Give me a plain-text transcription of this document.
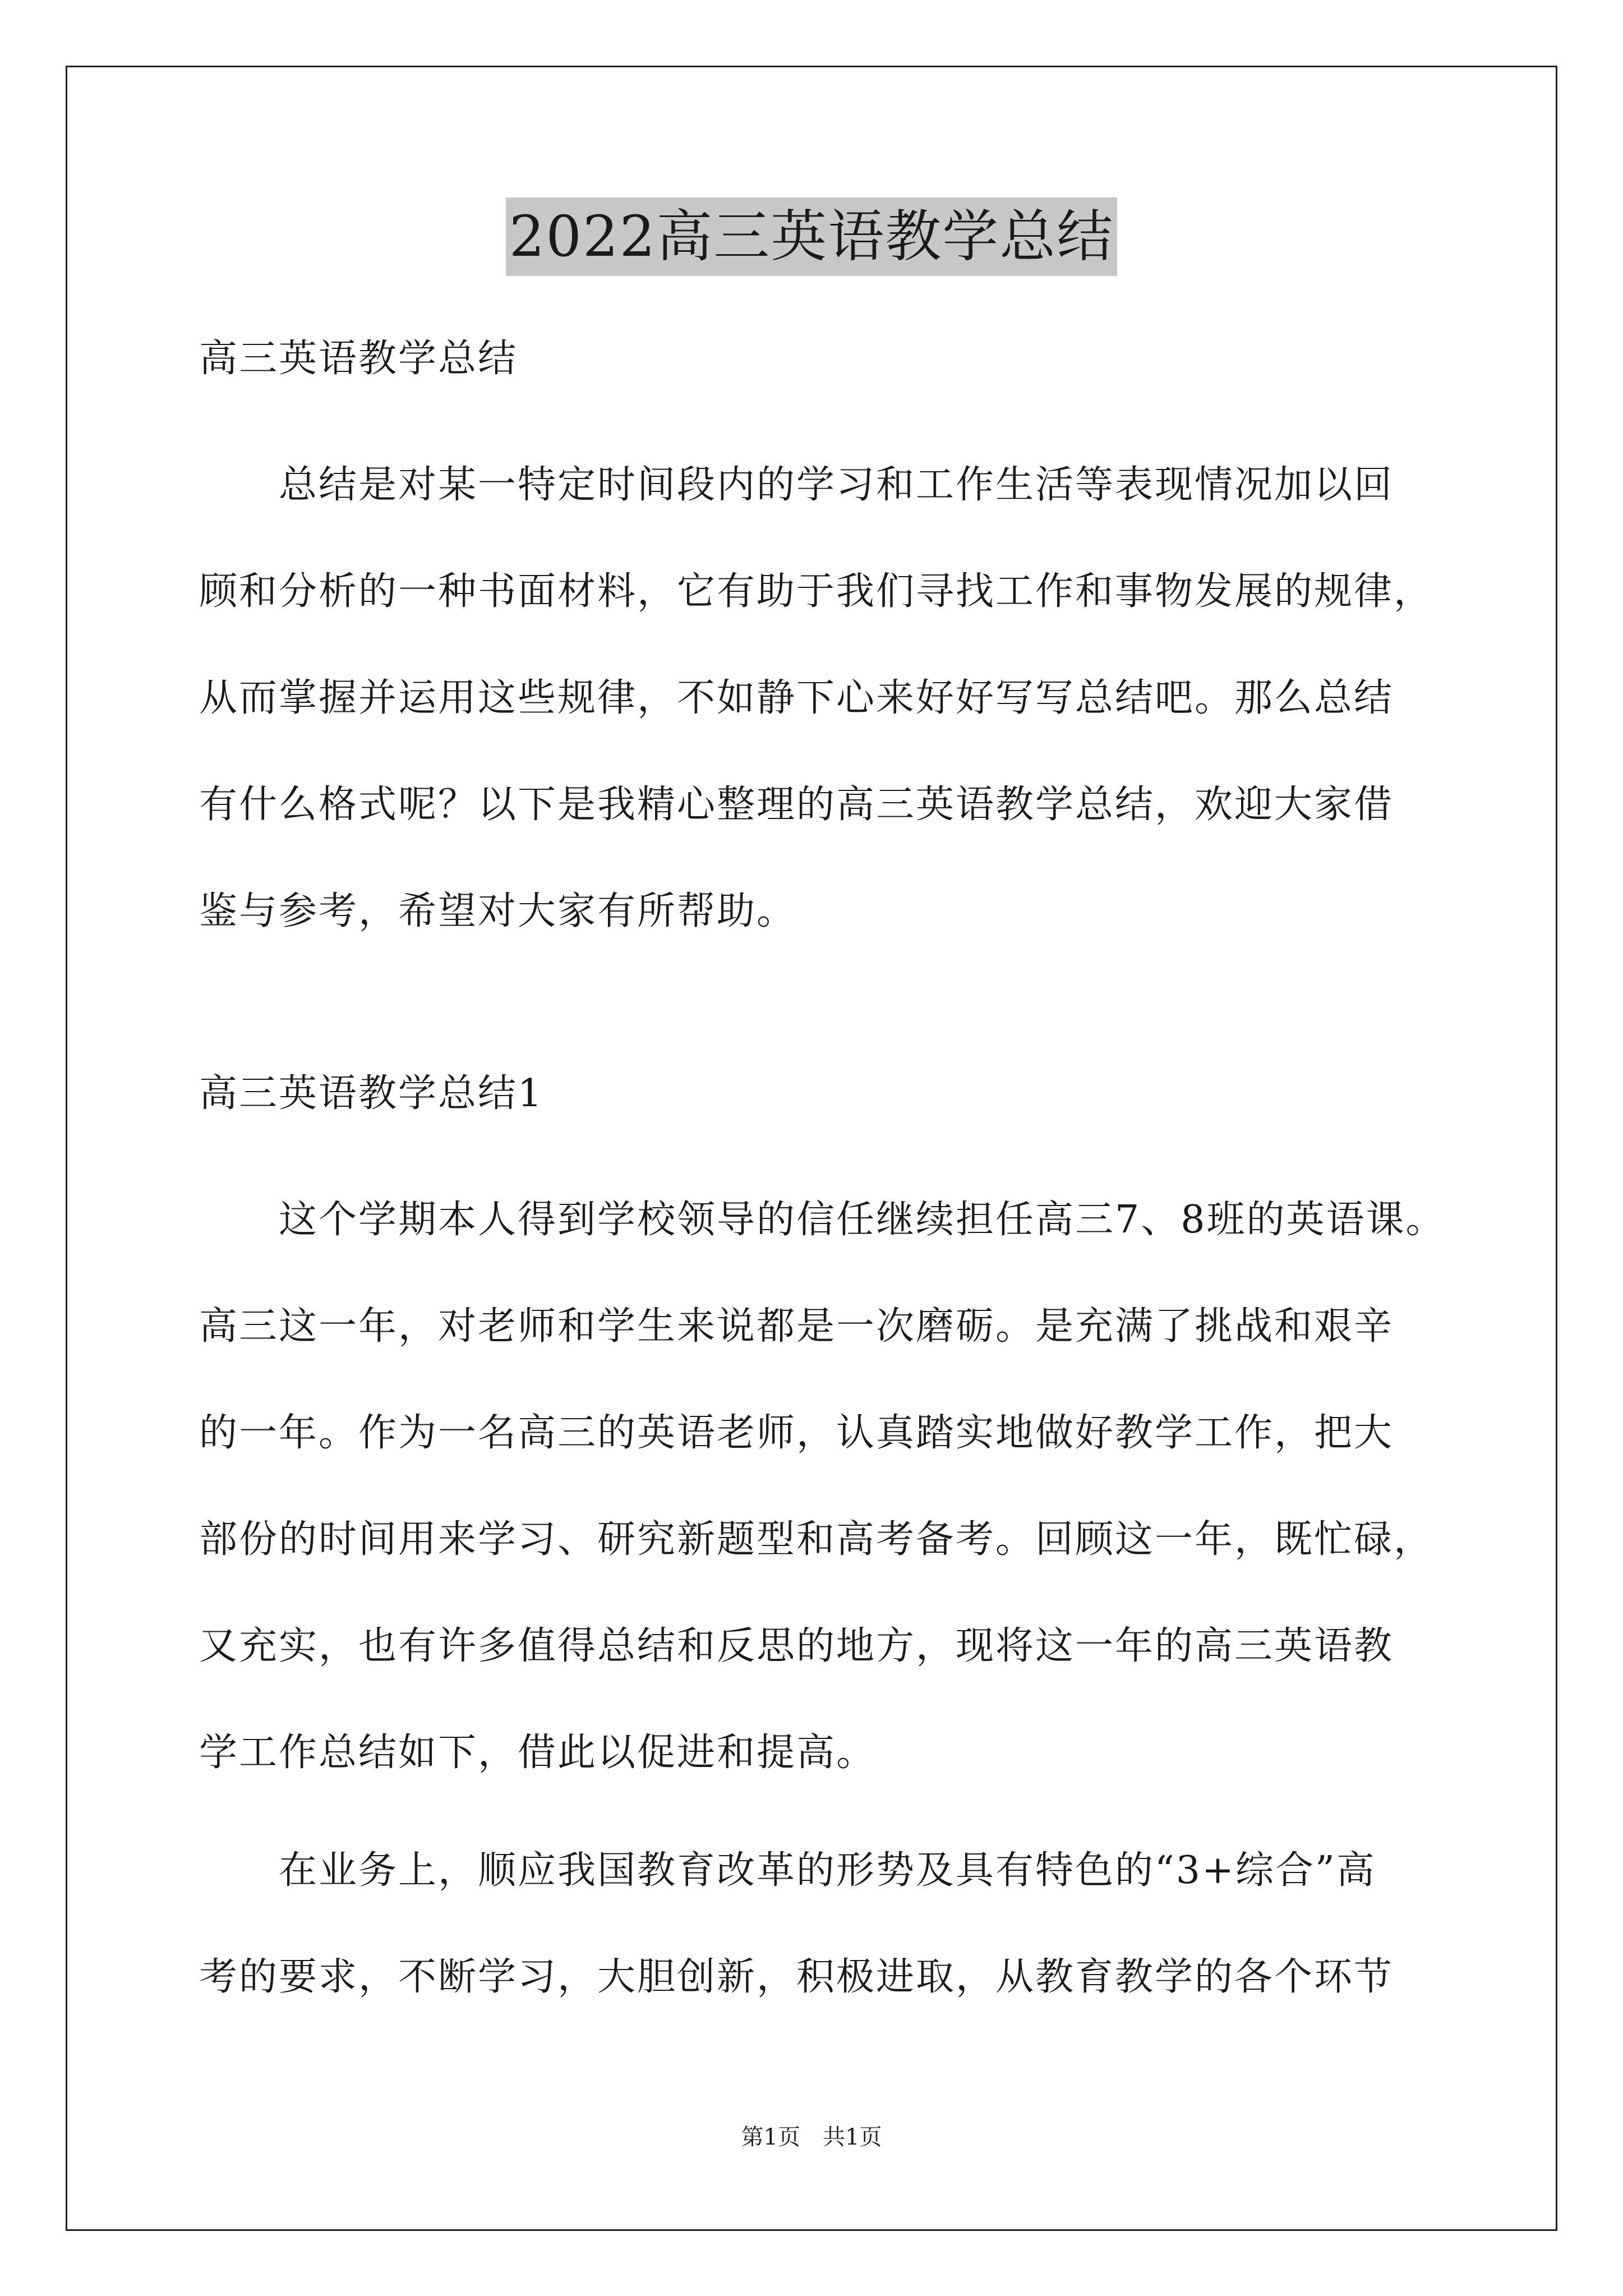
2022高三英语教学总结
高三英语教学总结
　　总结是对某一特定时间段内的学习和工作生活等表现情况加以回
顾和分析的一种书面材料，它有助于我们寻找工作和事物发展的规律，
从而掌握并运用这些规律，不如静下心来好好写写总结吧。那么总结
有什么格式呢？以下是我精心整理的高三英语教学总结，欢迎大家借
鉴与参考，希望对大家有所帮助。
高三英语教学总结1
　　这个学期本人得到学校领导的信任继续担任高三7、8班的英语课。
高三这一年，对老师和学生来说都是一次磨砺。是充满了挑战和艰辛
的一年。作为一名高三的英语老师，认真踏实地做好教学工作，把大
部份的时间用来学习、研究新题型和高考备考。回顾这一年，既忙碌，
又充实，也有许多值得总结和反思的地方，现将这一年的高三英语教
学工作总结如下，借此以促进和提高。
　　在业务上，顺应我国教育改革的形势及具有特色的“3+综合”高
考的要求，不断学习，大胆创新，积极进取，从教育教学的各个环节
第1页　共1页
